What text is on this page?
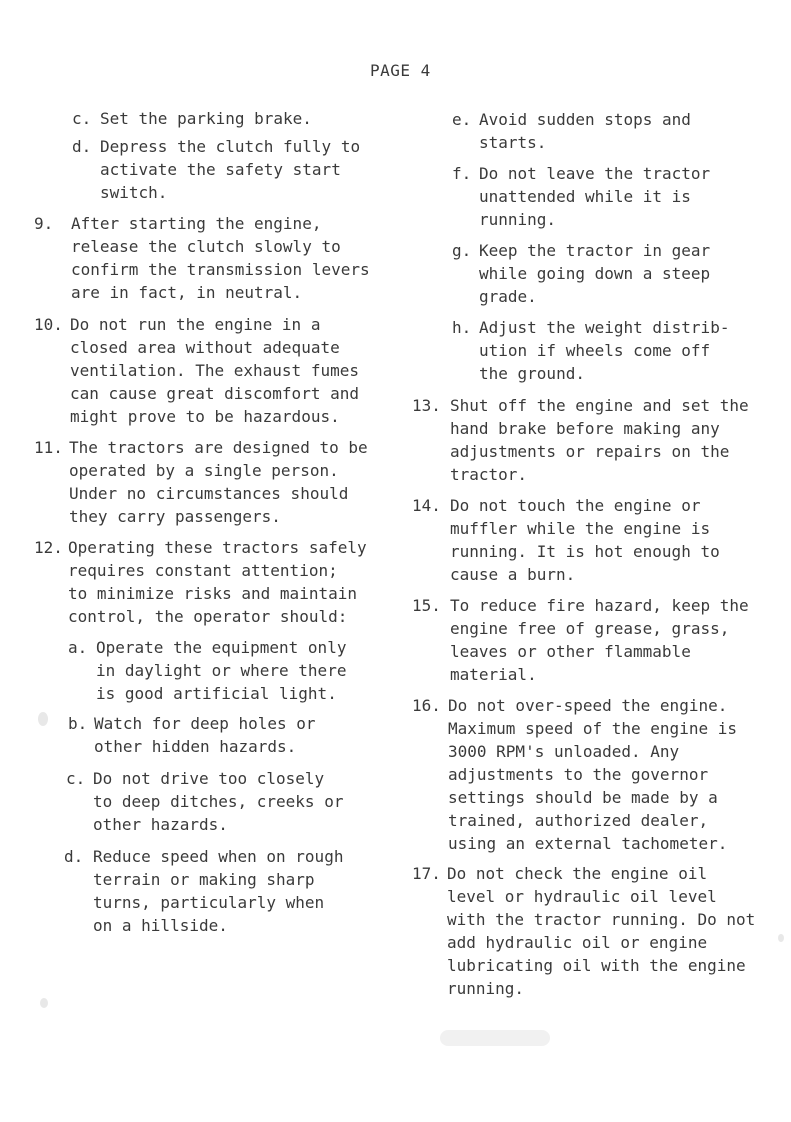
PAGE 4
c. Set the parking brake.
d. Depress the clutch fully to
activate the safety start
switch.
9. After starting the engine,
release the clutch slowly to
confirm the transmission levers
are in fact, in neutral.
10. Do not run the engine in a
closed area without adequate
ventilation. The exhaust fumes
can cause great discomfort and
might prove to be hazardous.
11. The tractors are designed to be
operated by a single person.
Under no circumstances should
they carry passengers.
12. Operating these tractors safely
requires constant attention;
to minimize risks and maintain
control, the operator should:
a. Operate the equipment only
in daylight or where there
is good artificial light.
b. Watch for deep holes or
other hidden hazards.
c. Do not drive too closely
to deep ditches, creeks or
other hazards.
d. Reduce speed when on rough
terrain or making sharp
turns, particularly when
on a hillside.
e. Avoid sudden stops and
starts.
f. Do not leave the tractor
unattended while it is
running.
g. Keep the tractor in gear
while going down a steep
grade.
h. Adjust the weight distrib-
ution if wheels come off
the ground.
13. Shut off the engine and set the
hand brake before making any
adjustments or repairs on the
tractor.
14. Do not touch the engine or
muffler while the engine is
running. It is hot enough to
cause a burn.
15. To reduce fire hazard, keep the
engine free of grease, grass,
leaves or other flammable
material.
16. Do not over-speed the engine.
Maximum speed of the engine is
3000 RPM's unloaded. Any
adjustments to the governor
settings should be made by a
trained, authorized dealer,
using an external tachometer.
17. Do not check the engine oil
level or hydraulic oil level
with the tractor running. Do not
add hydraulic oil or engine
lubricating oil with the engine
running.
